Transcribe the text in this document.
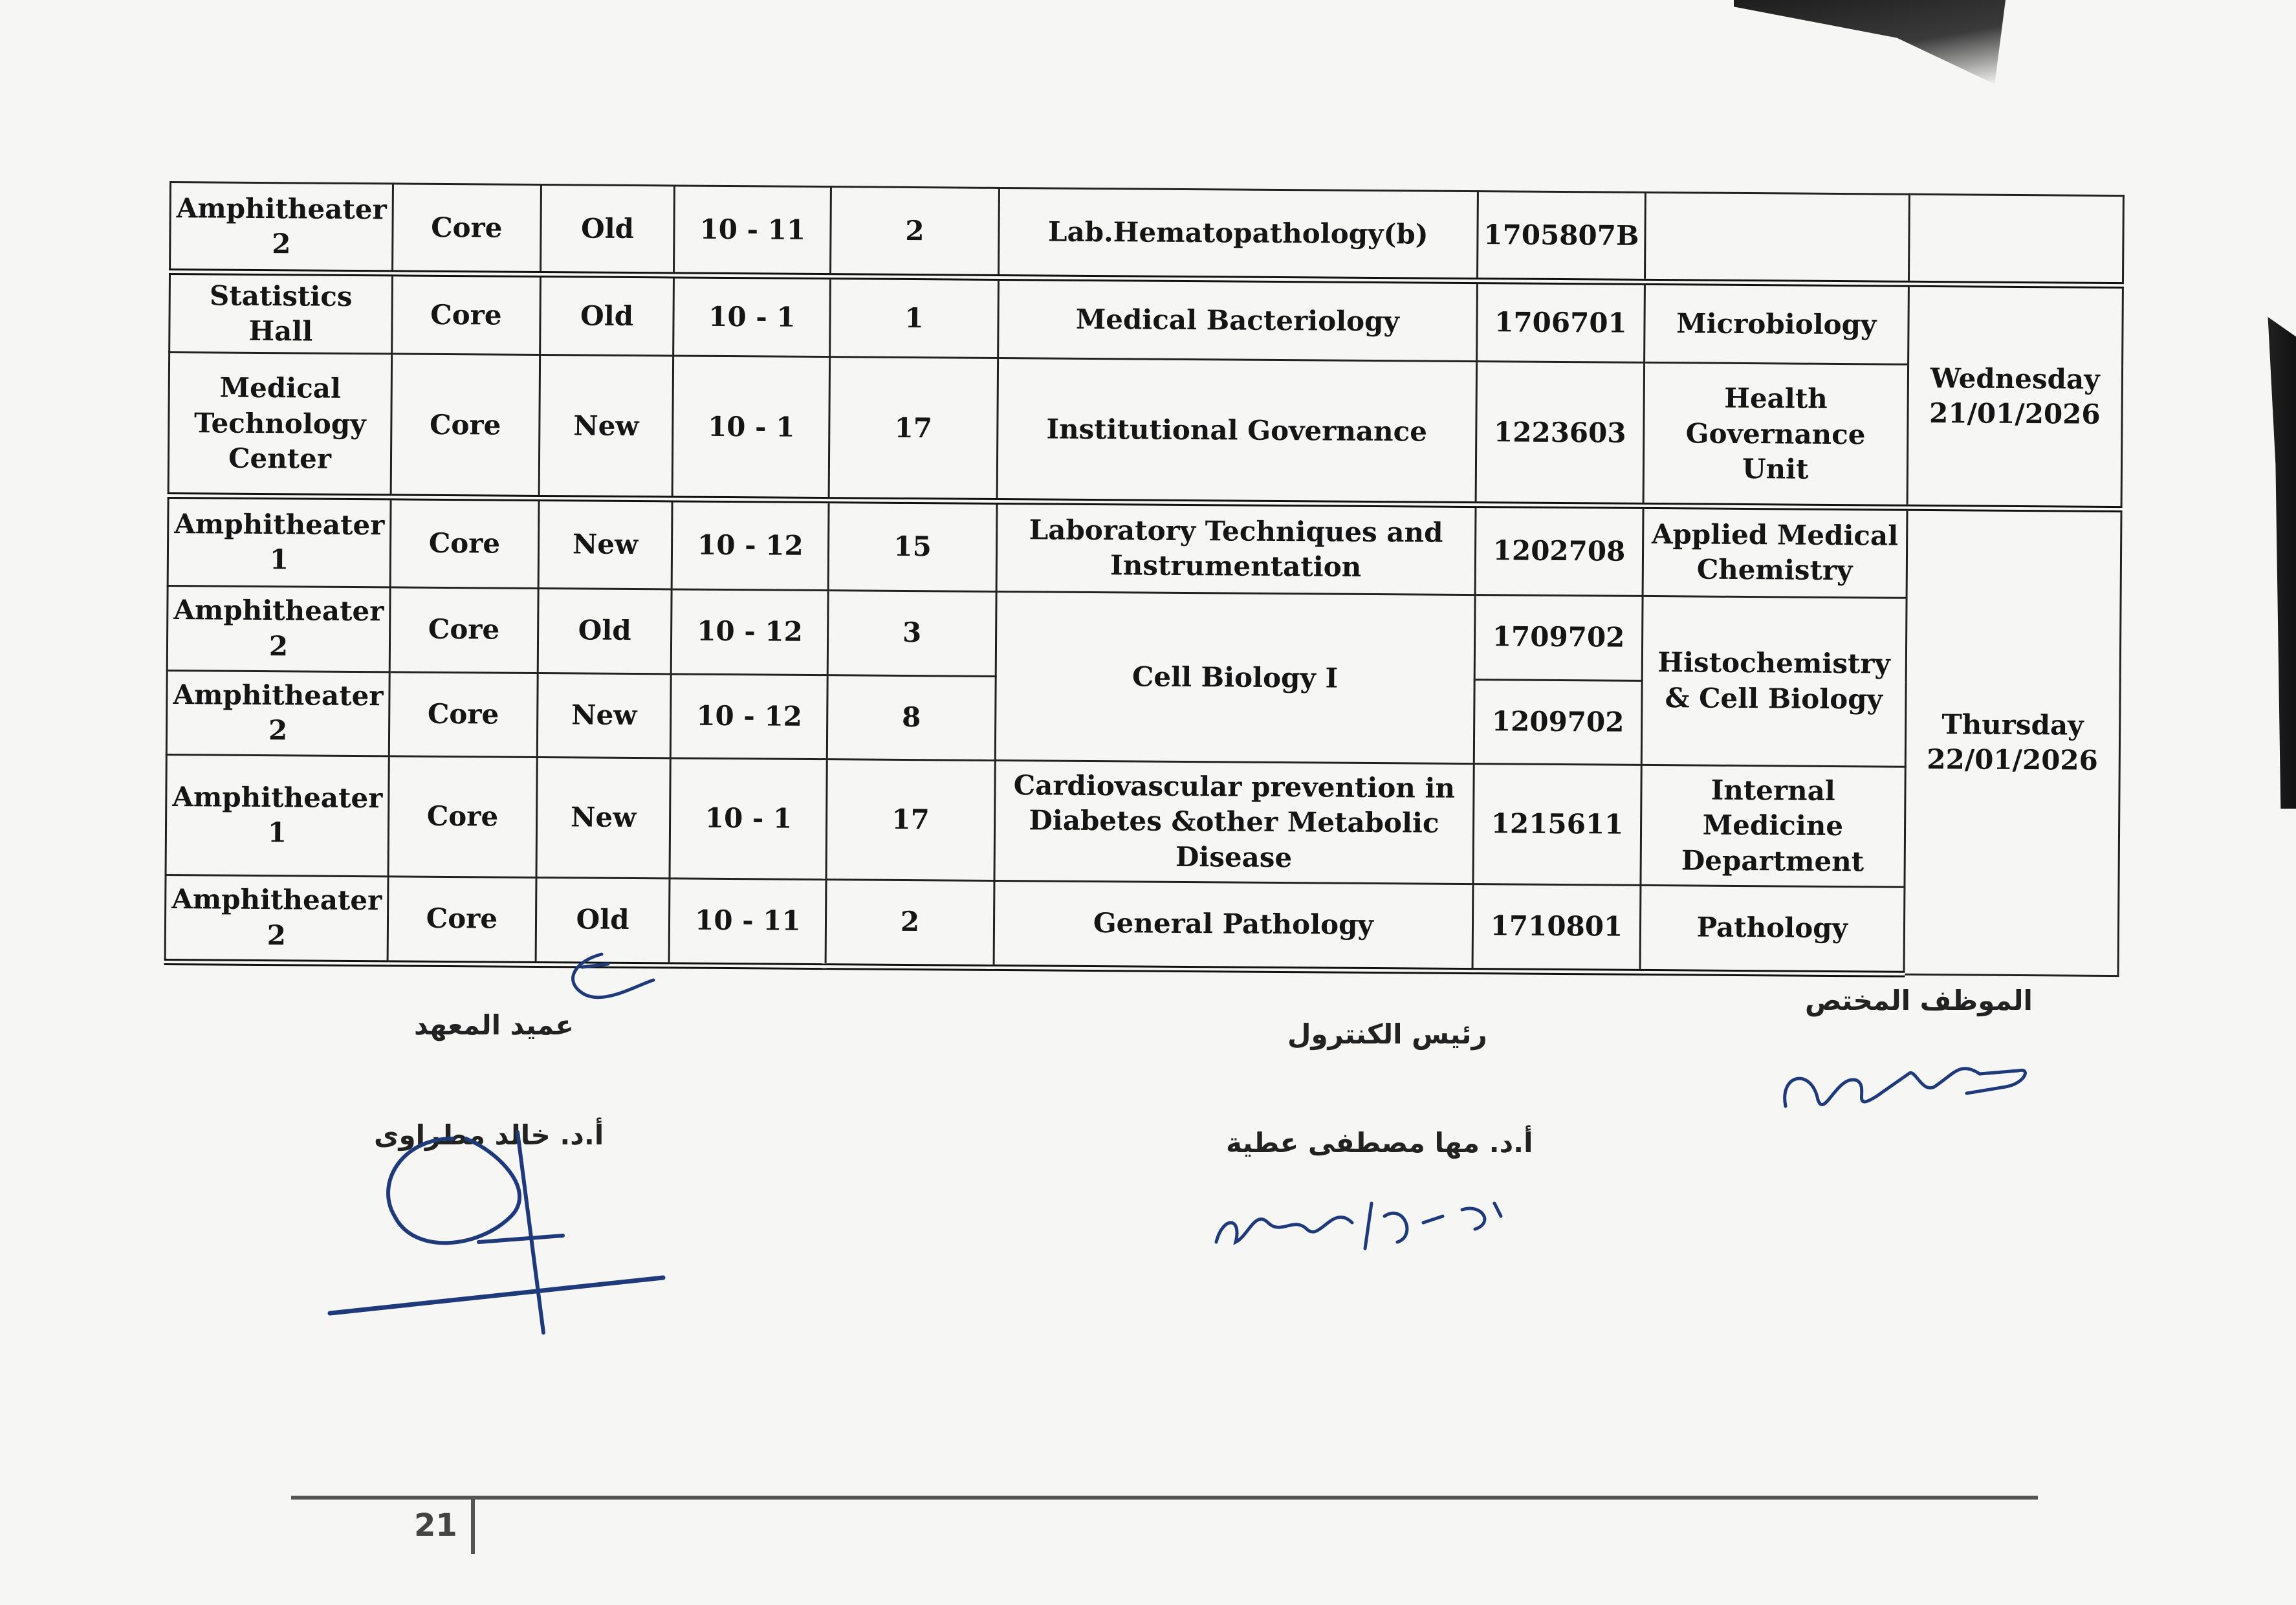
Amphitheater 2	Core	Old	10 - 11	2	Lab.Hematopathology(b)	1705807B		
Statistics Hall	Core	Old	10 - 1	1	Medical Bacteriology	1706701	Microbiology	Wednesday 21/01/2026
Medical Technology Center	Core	New	10 - 1	17	Institutional Governance	1223603	Health Governance Unit	
Amphitheater 1	Core	New	10 - 12	15	Laboratory Techniques and Instrumentation	1202708	Applied Medical Chemistry	Thursday 22/01/2026
Amphitheater 2	Core	Old	10 - 12	3	Cell Biology I	1709702	Histochemistry & Cell Biology	
Amphitheater 2	Core	New	10 - 12	8		1209702		
Amphitheater 1	Core	New	10 - 1	17	Cardiovascular prevention in Diabetes &other Metabolic Disease	1215611	Internal Medicine Department	
Amphitheater 2	Core	Old	10 - 11	2	General Pathology	1710801	Pathology	
الموظف المختص
رئيس الكنترول
أ.د. مها مصطفى عطية
عميد المعهد
أ.د. خالد مطراوى
21
